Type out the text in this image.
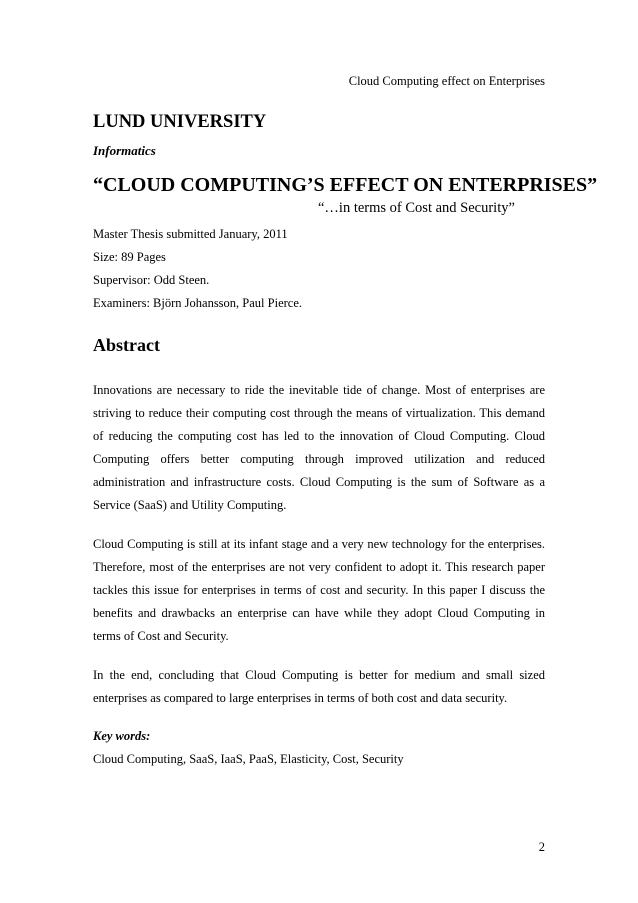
Cloud Computing effect on Enterprises
LUND UNIVERSITY
Informatics
“CLOUD COMPUTING’S EFFECT ON ENTERPRISES”
“…in terms of Cost and Security”
Master Thesis submitted January, 2011
Size: 89 Pages
Supervisor: Odd Steen.
Examiners: Björn Johansson, Paul Pierce.
Abstract

Innovations are necessary to ride the inevitable tide of change. Most of enterprises are striving to reduce their computing cost through the means of virtualization. This demand of reducing the computing cost has led to the innovation of Cloud Computing. Cloud Computing offers better computing through improved utilization and reduced administration and infrastructure costs. Cloud Computing is the sum of Software as a Service (SaaS) and Utility Computing.

Cloud Computing is still at its infant stage and a very new technology for the enterprises. Therefore, most of the enterprises are not very confident to adopt it. This research paper tackles this issue for enterprises in terms of cost and security. In this paper I discuss the benefits and drawbacks an enterprise can have while they adopt Cloud Computing in terms of Cost and Security.

In the end, concluding that Cloud Computing is better for medium and small sized enterprises as compared to large enterprises in terms of both cost and data security.

Key words:
Cloud Computing, SaaS, IaaS, PaaS, Elasticity, Cost, Security
2
